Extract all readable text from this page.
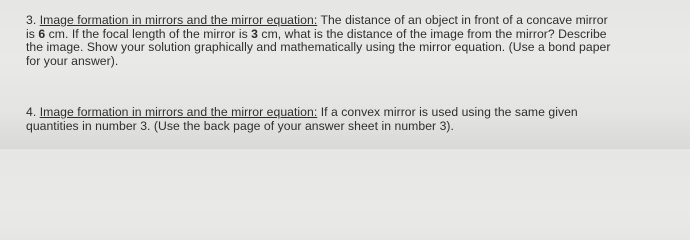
3. Image formation in mirrors and the mirror equation: The distance of an object in front of a concave mirror
is 6 cm. If the focal length of the mirror is 3 cm, what is the distance of the image from the mirror? Describe
the image. Show your solution graphically and mathematically using the mirror equation. (Use a bond paper
for your answer).
4. Image formation in mirrors and the mirror equation: If a convex mirror is used using the same given
quantities in number 3. (Use the back page of your answer sheet in number 3).
